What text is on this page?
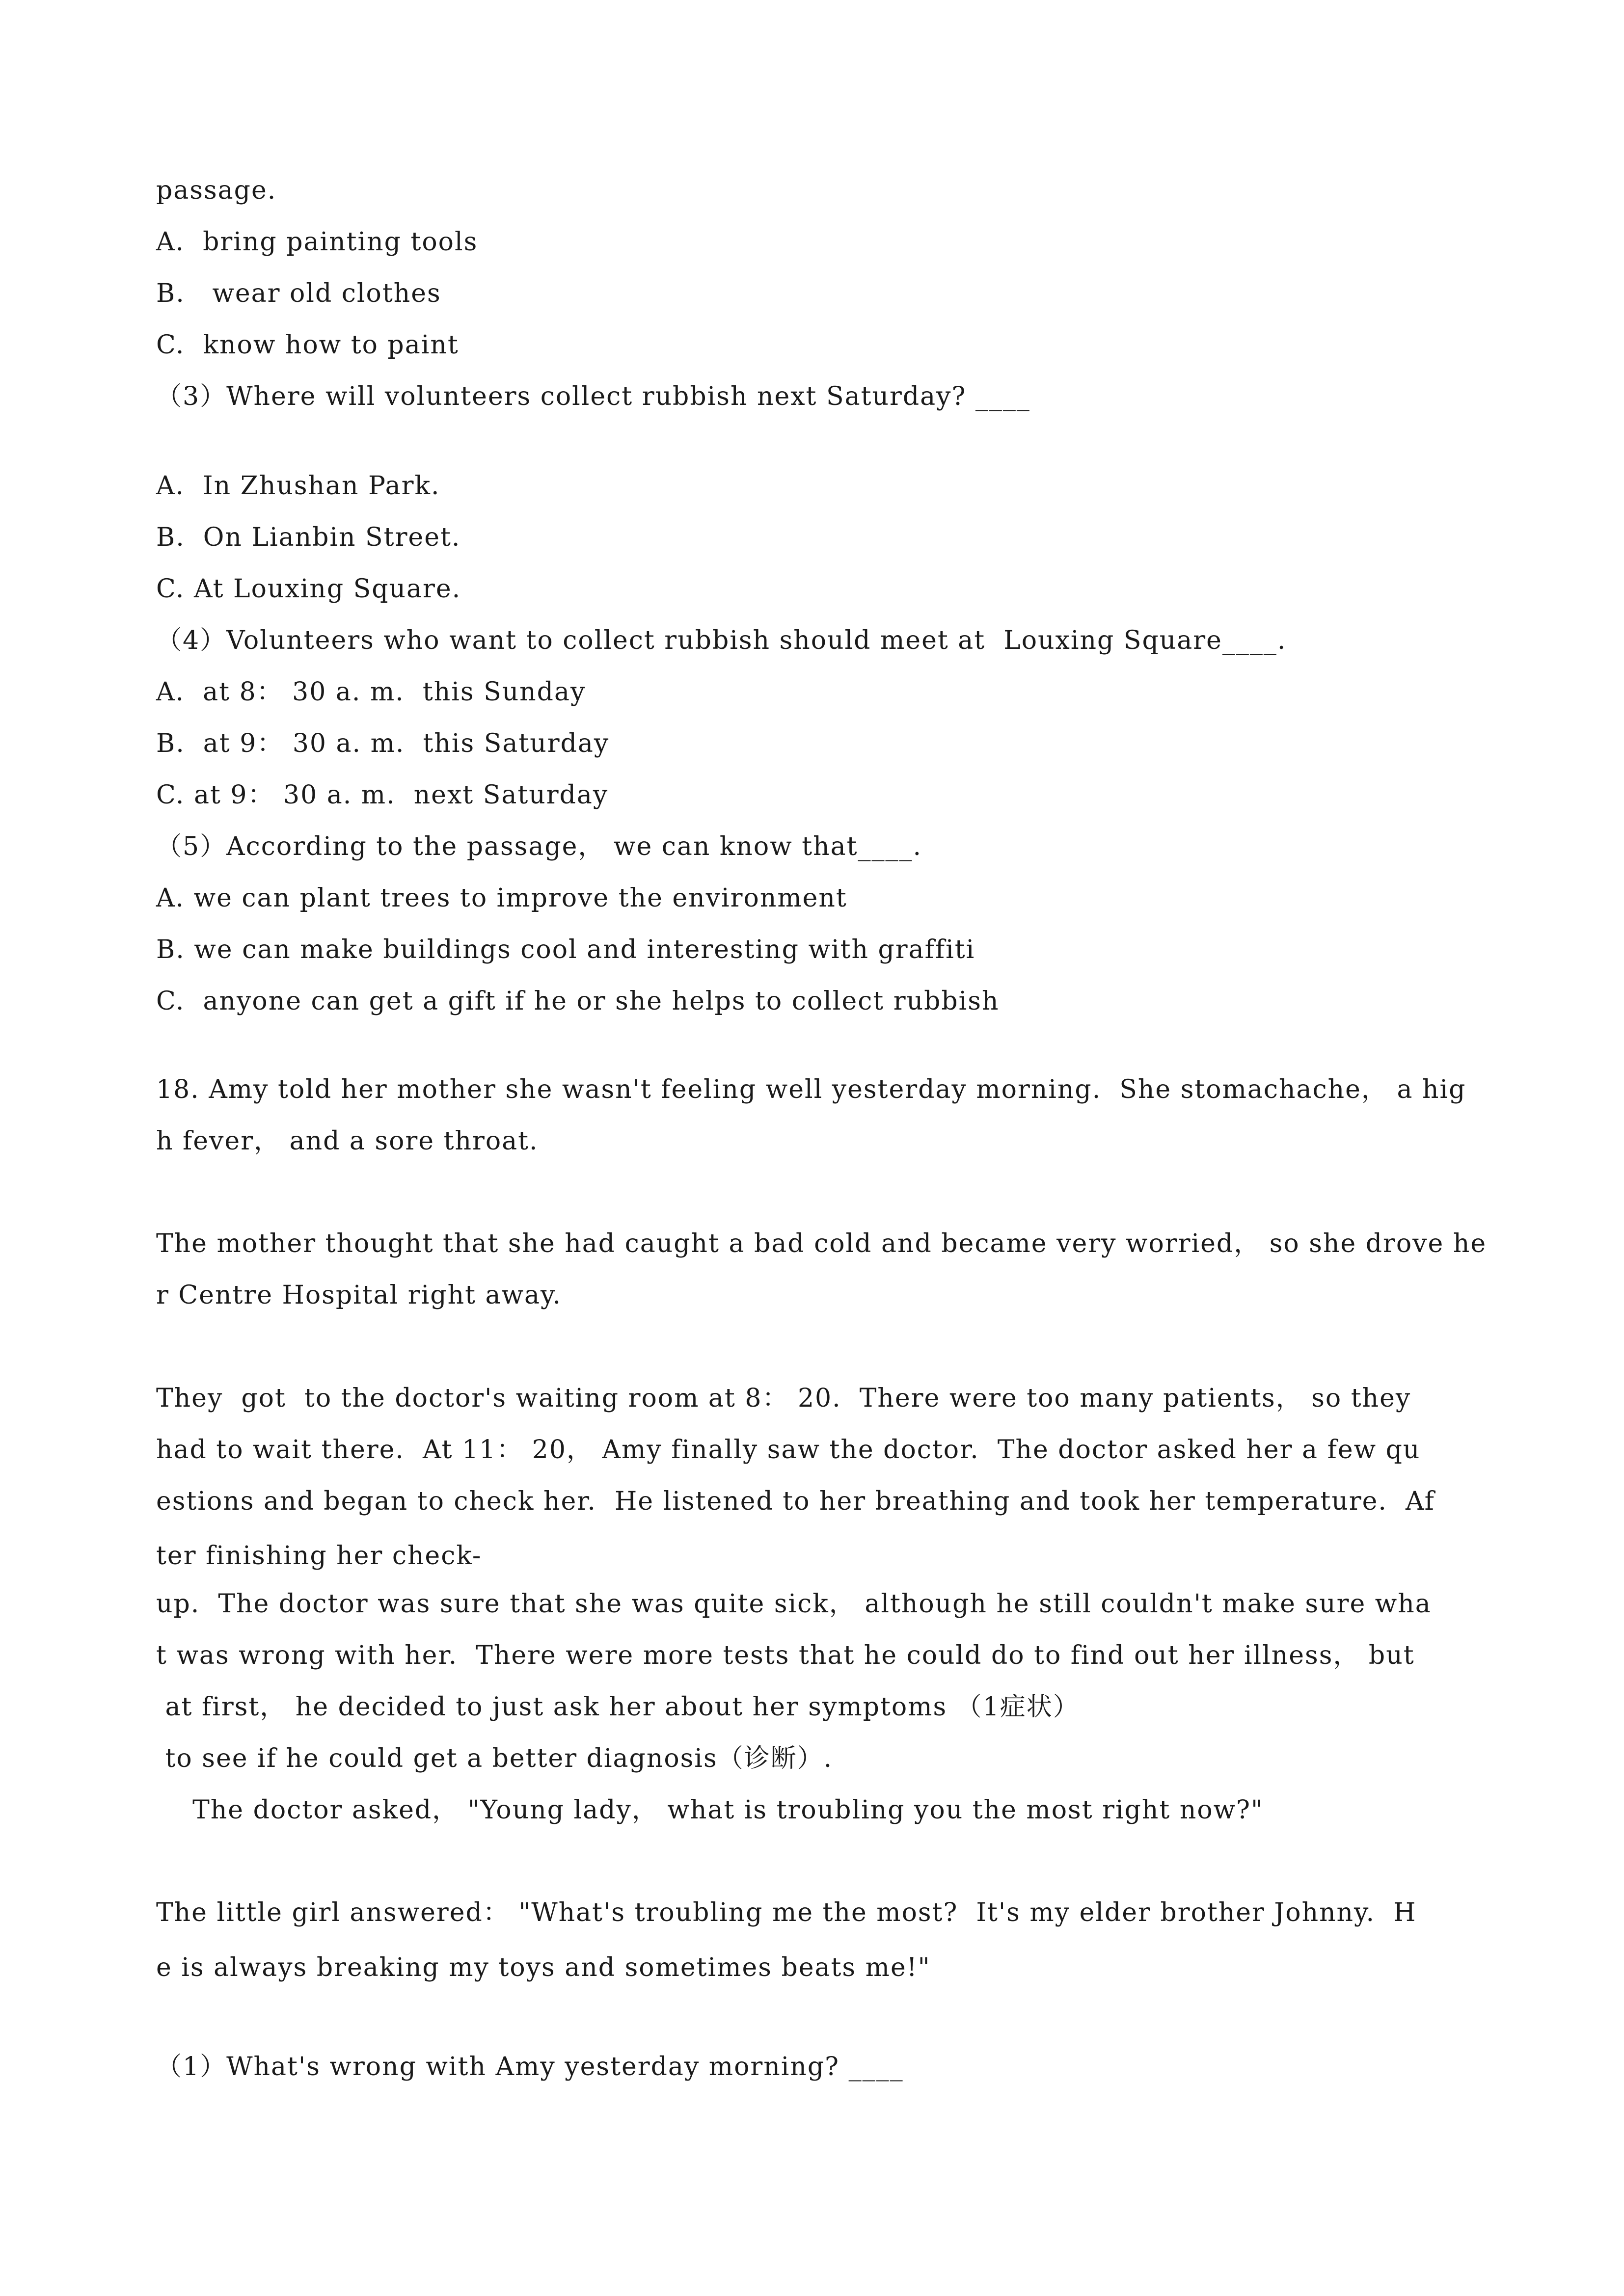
passage.
A.  bring painting tools
B.   wear old clothes
C.  know how to paint
（3）Where will volunteers collect rubbish next Saturday? ____
A.  In Zhushan Park.
B.  On Lianbin Street.
C. At Louxing Square.
（4）Volunteers who want to collect rubbish should meet at  Louxing Square____.
A.  at 8： 30 a. m.  this Sunday
B.  at 9： 30 a. m.  this Saturday
C. at 9： 30 a. m.  next Saturday
（5）According to the passage， we can know that____.
A. we can plant trees to improve the environment
B. we can make buildings cool and interesting with graffiti
C.  anyone can get a gift if he or she helps to collect rubbish
18. Amy told her mother she wasn't feeling well yesterday morning.  She stomachache， a hig
h fever， and a sore throat.
The mother thought that she had caught a bad cold and became very worried， so she drove he
r Centre Hospital right away.
They  got  to the doctor's waiting room at 8： 20.  There were too many patients， so they
had to wait there.  At 11： 20， Amy finally saw the doctor.  The doctor asked her a few qu
estions and began to check her.  He listened to her breathing and took her temperature.  Af
ter finishing her check-
up.  The doctor was sure that she was quite sick， although he still couldn't make sure wha
t was wrong with her.  There were more tests that he could do to find out her illness， but
at first， he decided to just ask her about her symptoms （1症状）
to see if he could get a better diagnosis（诊断）.
The doctor asked， "Young lady， what is troubling you the most right now?"
The little girl answered： "What's troubling me the most?  It's my elder brother Johnny.  H
e is always breaking my toys and sometimes beats me!"
（1）What's wrong with Amy yesterday morning? ____
